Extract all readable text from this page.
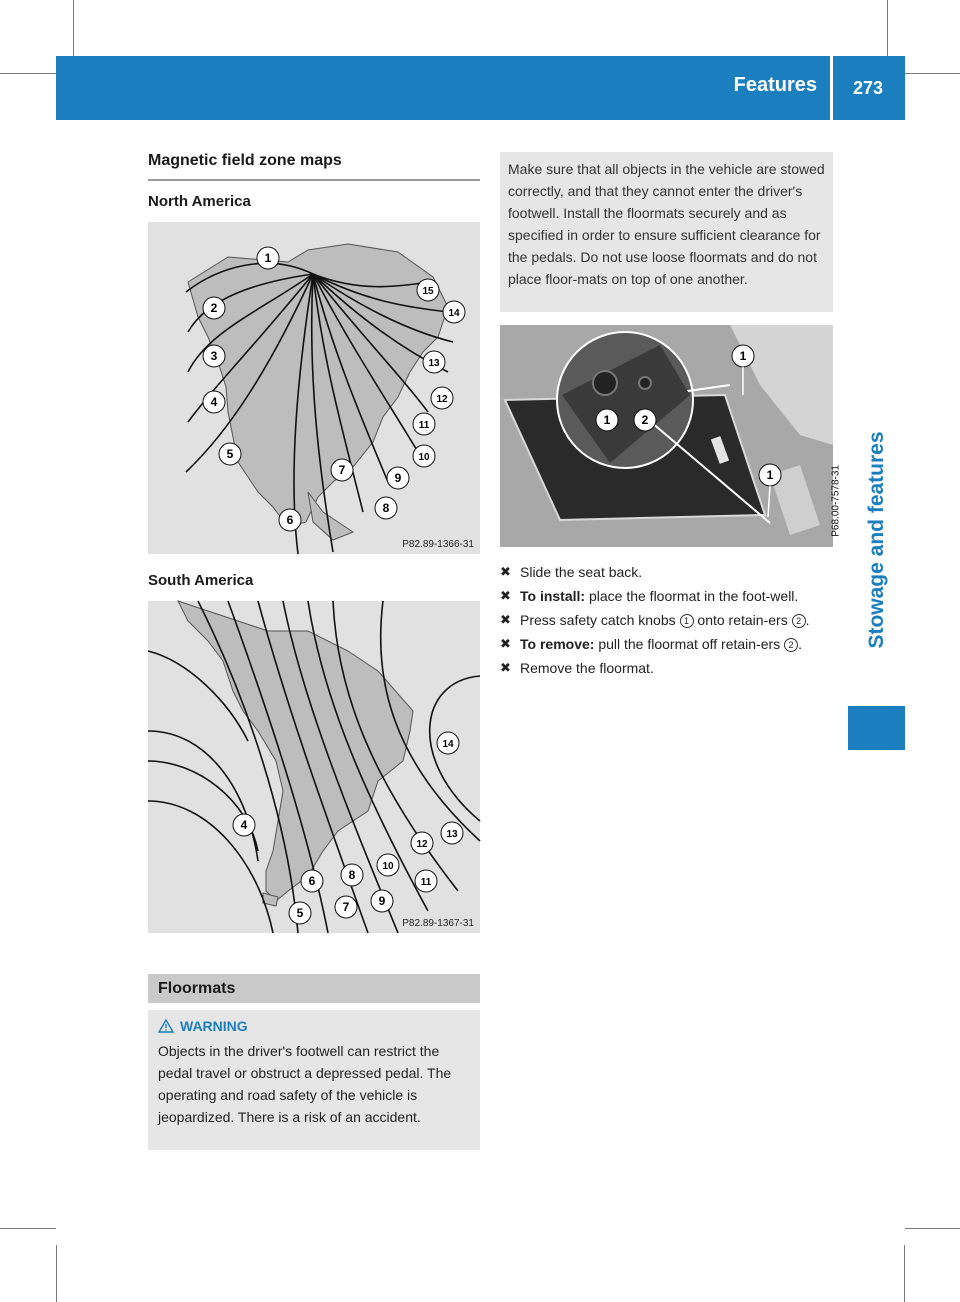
Features 273
Stowage and features
Magnetic field zone maps
North America
1
2
3
4
5
6
7
8
9
10
11
12
13
14
15
P82.89-1366-31
South America
4
5
6
7
8
9
10
11
12
13
14
P82.89-1367-31
Floormats
WARNING
Objects in the driver's footwell can restrict the pedal travel or obstruct a depressed pedal. The operating and road safety of the vehicle is jeopardized. There is a risk of an accident.
Make sure that all objects in the vehicle are stowed correctly, and that they cannot enter the driver's footwell. Install the floormats securely and as specified in order to ensure sufficient clearance for the pedals. Do not use loose floormats and do not place floor-mats on top of one another.
1
1	2
1	P68.00-7578-31
✖ Slide the seat back.
✖ To install: place the floormat in the foot-well.
✖ Press safety catch knobs 1 onto retain-ers 2 .
✖ To remove: pull the floormat off retain-ers 2 .
✖ Remove the floormat.
